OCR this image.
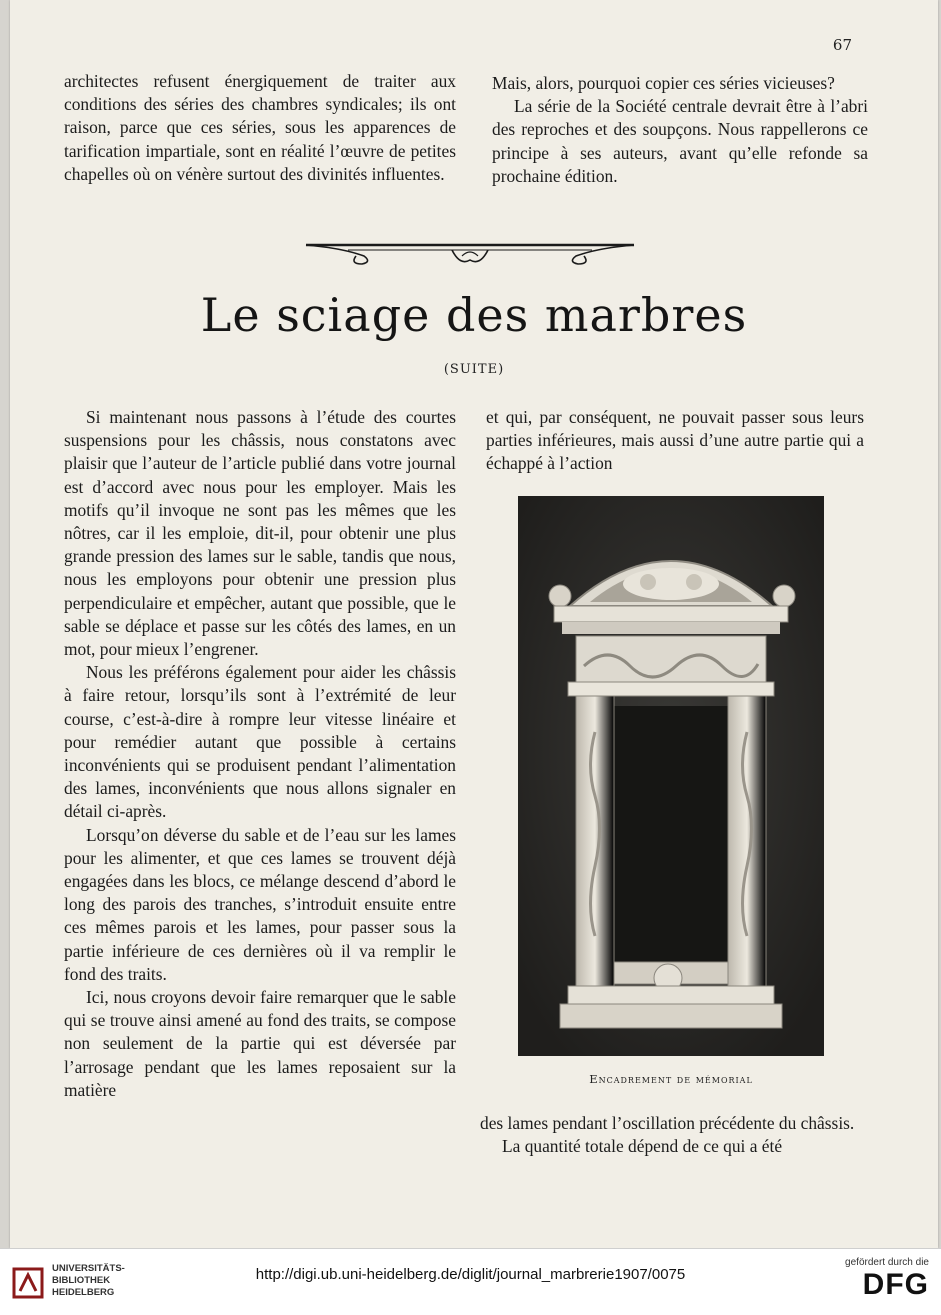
67

architectes refusent énergiquement de traiter aux conditions des séries des chambres syndicales; ils ont raison, parce que ces séries, sous les apparences de tarification impartiale, sont en réalité l’œuvre de petites chapelles où on vénère surtout des divinités influentes.

Mais, alors, pourquoi copier ces séries vicieuses?

La série de la Société centrale devrait être à l’abri des reproches et des soupçons. Nous rappellerons ce principe à ses auteurs, avant qu’elle refonde sa prochaine édition.

Le sciage des marbres
(SUITE)

Si maintenant nous passons à l’étude des courtes suspensions pour les châssis, nous constatons avec plaisir que l’auteur de l’article publié dans votre journal est d’accord avec nous pour les employer. Mais les motifs qu’il invoque ne sont pas les mêmes que les nôtres, car il les emploie, dit-il, pour obtenir une plus grande pression des lames sur le sable, tandis que nous, nous les employons pour obtenir une pression plus perpendiculaire et empêcher, autant que possible, que le sable se déplace et passe sur les côtés des lames, en un mot, pour mieux l’engrener.

Nous les préférons également pour aider les châssis à faire retour, lorsqu’ils sont à l’extrémité de leur course, c’est-à-dire à rompre leur vitesse linéaire et pour remédier autant que possible à certains inconvénients qui se produisent pendant l’alimentation des lames, inconvénients que nous allons signaler en détail ci-après.

Lorsqu’on déverse du sable et de l’eau sur les lames pour les alimenter, et que ces lames se trouvent déjà engagées dans les blocs, ce mélange descend d’abord le long des parois des tranches, s’introduit ensuite entre ces mêmes parois et les lames, pour passer sous la partie inférieure de ces dernières où il va remplir le fond des traits.

Ici, nous croyons devoir faire remarquer que le sable qui se trouve ainsi amené au fond des traits, se compose non seulement de la partie qui est déversée par l’arrosage pendant que les lames reposaient sur la matière

et qui, par conséquent, ne pouvait passer sous leurs parties inférieures, mais aussi d’une autre partie qui a échappé à l’action

Encadrement de mémorial

des lames pendant l’oscillation précédente du châssis.

La quantité totale dépend de ce qui a été

UNIVERSITÄTS-
BIBLIOTHEK
HEIDELBERG
http://digi.ub.uni-heidelberg.de/diglit/journal_marbrerie1907/0075
gefördert durch die
DFG
